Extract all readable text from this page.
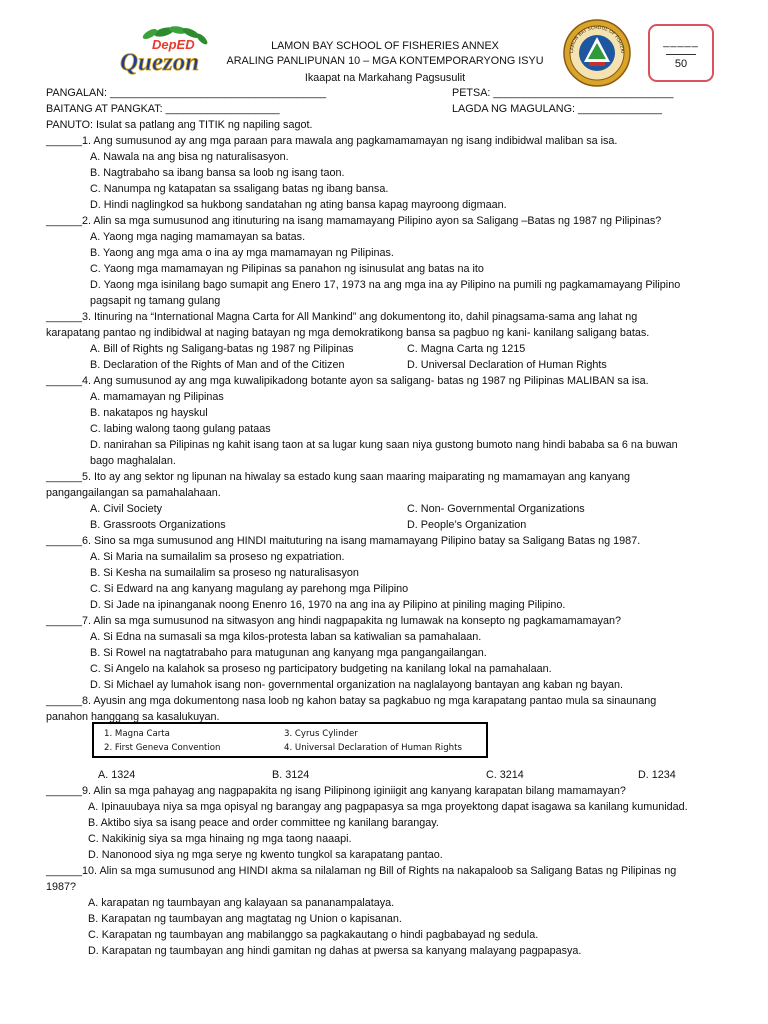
DepED
Quezon
LAMON BAY SCHOOL OF FISHERIES ANNEX
ARALING PANLIPUNAN 10 – MGA KONTEMPORARYONG ISYU
Ikaapat na Markahang Pagsusulit
LAMON BAY SCHOOL OF FISHERI
_____
50
PANGALAN: ____________________________________	PETSA: ______________________________
BAITANG AT PANGKAT: ___________________	LAGDA NG MAGULANG: ______________
PANUTO: Isulat sa patlang ang TITIK ng napiling sagot.
______1. Ang sumusunod ay ang mga paraan para mawala ang pagkamamamayan ng isang indibidwal maliban sa isa.
A. Nawala na ang bisa ng naturalisasyon.
B. Nagtrabaho sa ibang bansa sa loob ng isang taon.
C. Nanumpa ng katapatan sa ssaligang batas ng ibang bansa.
D. Hindi naglingkod sa hukbong sandatahan ng ating bansa kapag mayroong digmaan.
______2. Alin sa mga sumusunod ang itinuturing na isang mamamayang Pilipino ayon sa Saligang –Batas ng 1987 ng Pilipinas?
A. Yaong mga naging mamamayan sa batas.
B. Yaong ang mga ama o ina ay mga mamamayan ng Pilipinas.
C. Yaong mga mamamayan ng Pilipinas sa panahon ng isinusulat ang batas na ito
D. Yaong mga isinilang bago sumapit ang Enero 17, 1973 na ang mga ina ay Pilipino na pumili ng pagkamamayang Pilipino
pagsapit ng tamang gulang
______3. Itinuring na “International Magna Carta for All Mankind” ang dokumentong ito, dahil pinagsama-sama ang lahat ng
karapatang pantao ng indibidwal at naging batayan ng mga demokratikong bansa sa pagbuo ng kani- kanilang saligang batas.
A. Bill of Rights ng Saligang-batas ng 1987 ng Pilipinas	C. Magna Carta ng 1215
B. Declaration of the Rights of Man and of the Citizen	D. Universal Declaration of Human Rights
______4. Ang sumusunod ay ang mga kuwalipikadong botante ayon sa saligang- batas ng 1987 ng Pilipinas MALIBAN sa isa.
A. mamamayan ng Pilipinas
B. nakatapos ng hayskul
C. labing walong taong gulang pataas
D. nanirahan sa Pilipinas ng kahit isang taon at sa lugar kung saan niya gustong bumoto nang hindi bababa sa 6 na buwan
bago maghalalan.
______5. Ito ay ang sektor ng lipunan na hiwalay sa estado kung saan maaring maiparating ng mamamayan ang kanyang
pangangailangan sa pamahalahaan.
A. Civil Society	C. Non- Governmental Organizations
B. Grassroots Organizations	D. People’s Organization
______6. Sino sa mga sumusunod ang HINDI maituturing na isang mamamayang Pilipino batay sa Saligang Batas ng 1987.
A. Si Maria na sumailalim sa proseso ng expatriation.
B. Si Kesha na sumailalim sa proseso ng naturalisasyon
C. Si Edward na ang kanyang magulang ay parehong mga Pilipino
D. Si Jade na ipinanganak noong Enenro 16, 1970 na ang ina ay Pilipino at piniling maging Pilipino.
______7. Alin sa mga sumusunod na sitwasyon ang hindi nagpapakita ng lumawak na konsepto ng pagkamamamayan?
A. Si Edna na sumasali sa mga kilos-protesta laban sa katiwalian sa pamahalaan.
B. Si Rowel na nagtatrabaho para matugunan ang kanyang mga pangangailangan.
C. Si Angelo na kalahok sa proseso ng participatory budgeting na kanilang lokal na pamahalaan.
D. Si Michael ay lumahok isang non- governmental organization na naglalayong bantayan ang kaban ng bayan.
______8. Ayusin ang mga dokumentong nasa loob ng kahon batay sa pagkabuo ng mga karapatang pantao mula sa sinaunang
panahon hanggang sa kasalukuyan.
A. 1324	B. 3124	C. 3214	D. 1234
______9. Alin sa mga pahayag ang nagpapakita ng isang Pilipinong iginiigit ang kanyang karapatan bilang mamamayan?
A. Ipinauubaya niya sa mga opisyal ng barangay ang pagpapasya sa mga proyektong dapat isagawa sa kanilang kumunidad.
B. Aktibo siya sa isang peace and order committee ng kanilang barangay.
C. Nakikinig siya sa mga hinaing ng mga taong naaapi.
D. Nanonood siya ng mga serye ng kwento tungkol sa karapatang pantao.
______10. Alin sa mga sumusunod ang HINDI akma sa nilalaman ng Bill of Rights na nakapaloob sa Saligang Batas ng Pilipinas ng
1987?
A. karapatan ng taumbayan ang kalayaan sa pananampalataya.
B. Karapatan ng taumbayan ang magtatag ng Union o kapisanan.
C. Karapatan ng taumbayan ang mabilanggo sa pagkakautang o hindi pagbabayad ng sedula.
D. Karapatan ng taumbayan ang hindi gamitan ng dahas at pwersa sa kanyang malayang pagpapasya.
1. Magna Carta
2. First Geneva Convention
3. Cyrus Cylinder
4. Universal Declaration of Human Rights
